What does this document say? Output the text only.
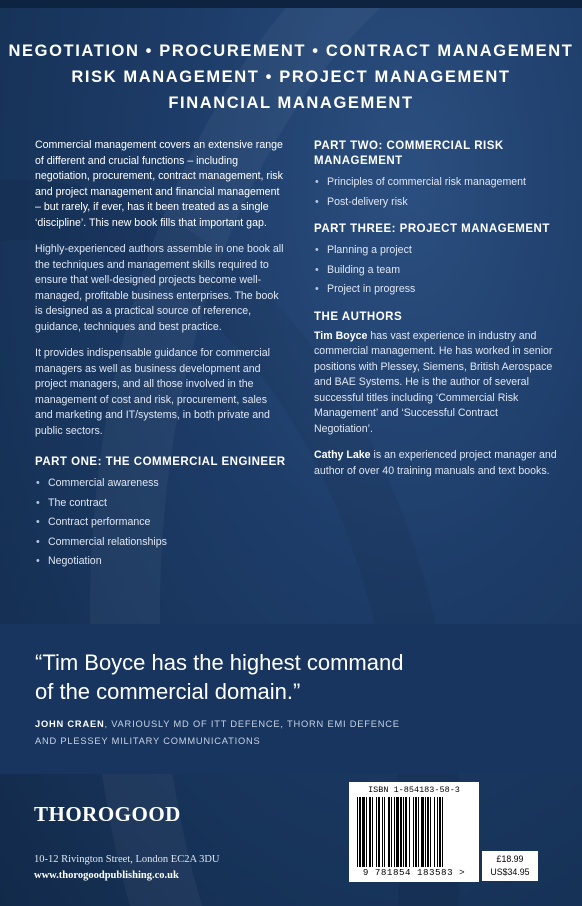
NEGOTIATION • PROCUREMENT • CONTRACT MANAGEMENT
RISK MANAGEMENT • PROJECT MANAGEMENT
FINANCIAL MANAGEMENT

Commercial management covers an extensive range of different and crucial functions – including negotiation, procurement, contract management, risk and project management and financial management – but rarely, if ever, has it been treated as a single ‘discipline’. This new book fills that important gap.

Highly-experienced authors assemble in one book all the techniques and management skills required to ensure that well-designed projects become well-managed, profitable business enterprises. The book is designed as a practical source of reference, guidance, techniques and best practice.

It provides indispensable guidance for commercial managers as well as business development and project managers, and all those involved in the management of cost and risk, procurement, sales and marketing and IT/systems, in both private and public sectors.

PART ONE: THE COMMERCIAL ENGINEER
• Commercial awareness
• The contract
• Contract performance
• Commercial relationships
• Negotiation
PART TWO: COMMERCIAL RISK MANAGEMENT
• Principles of commercial risk management
• Post-delivery risk
PART THREE: PROJECT MANAGEMENT
• Planning a project
• Building a team
• Project in progress
THE AUTHORS

Tim Boyce has vast experience in industry and commercial management. He has worked in senior positions with Plessey, Siemens, British Aerospace and BAE Systems. He is the author of several successful titles including ‘Commercial Risk Management’ and ‘Successful Contract Negotiation’.

Cathy Lake is an experienced project manager and author of over 40 training manuals and text books.

“Tim Boyce has the highest command
of the commercial domain.”
JOHN CRAEN, VARIOUSLY MD OF ITT DEFENCE, THORN EMI DEFENCE
AND PLESSEY MILITARY COMMUNICATIONS
THOROGOOD
10-12 Rivington Street, London EC2A 3DU
www.thorogoodpublishing.co.uk
ISBN 1-854183-58-3
9 781854 183583 >
£18.99
US$34.95
